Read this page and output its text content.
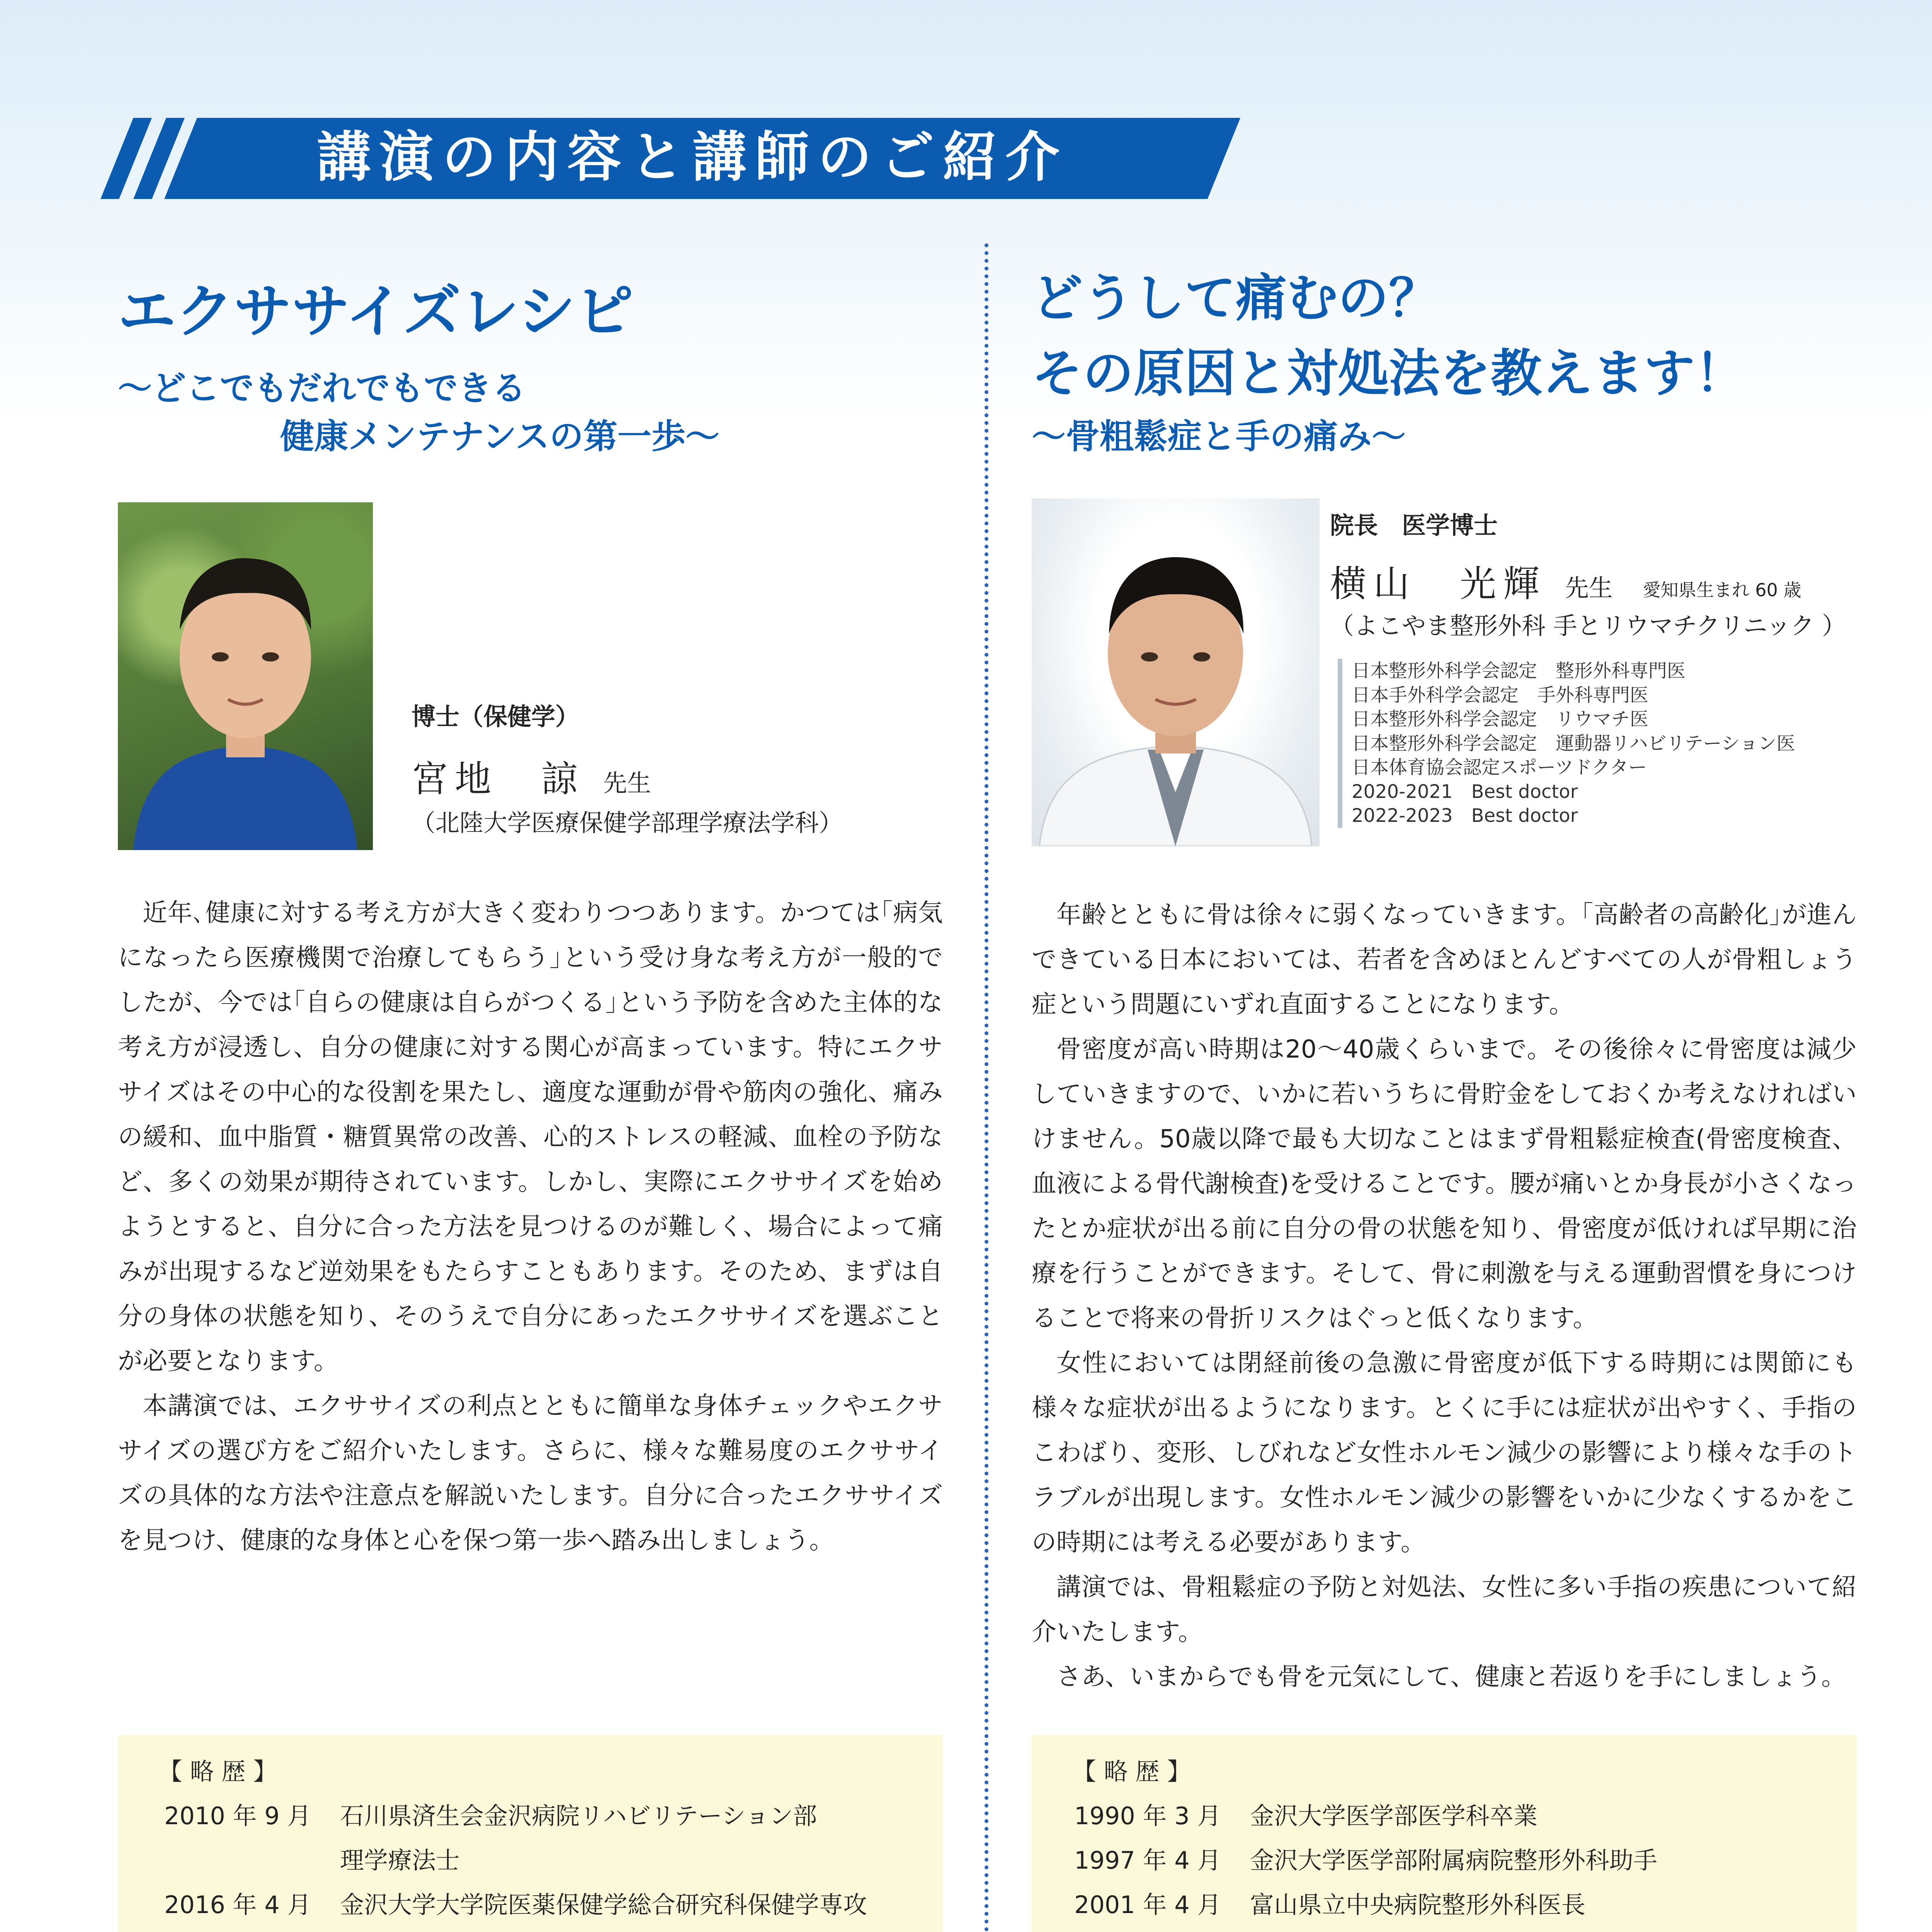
講演の内容と講師のご紹介
エクササイズレシピ
～どこでもだれでもできる
健康メンテナンスの第一歩～
博士（保健学）
宮地　諒 先生
（北陸大学医療保健学部理学療法学科）

近年､健康に対する考え方が大きく変わりつつあります。かつては｢病気になったら医療機関で治療してもらう｣という受け身な考え方が一般的でしたが、今では｢自らの健康は自らがつくる｣という予防を含めた主体的な考え方が浸透し、自分の健康に対する関心が高まっています。特にエクササイズはその中心的な役割を果たし、適度な運動が骨や筋肉の強化、痛みの緩和、血中脂質・糖質異常の改善、心的ストレスの軽減、血栓の予防など、多くの効果が期待されています。しかし、実際にエクササイズを始めようとすると、自分に合った方法を見つけるのが難しく、場合によって痛みが出現するなど逆効果をもたらすこともあります。そのため、まずは自分の身体の状態を知り、そのうえで自分にあったエクササイズを選ぶことが必要となります。

本講演では、エクササイズの利点とともに簡単な身体チェックやエクササイズの選び方をご紹介いたします。さらに、様々な難易度のエクササイズの具体的な方法や注意点を解説いたします。自分に合ったエクササイズを見つけ、健康的な身体と心を保つ第一歩へ踏み出しましょう。

【 略 歴 】
2010 年 9 月 石川県済生会金沢病院リハビリテーション部
理学療法士
2016 年 4 月 金沢大学大学院医薬保健学総合研究科保健学専攻
どうして痛むの？
その原因と対処法を教えます！
～骨粗鬆症と手の痛み～
院長　医学博士
横山　光輝 先生 愛知県生まれ 60 歳
（よこやま整形外科 手とリウマチクリニック ）
日本整形外科学会認定　整形外科専門医
日本手外科学会認定　手外科専門医
日本整形外科学会認定　リウマチ医
日本整形外科学会認定　運動器リハビリテーション医
日本体育協会認定スポーツドクター
2020-2021　Best doctor
2022-2023　Best doctor

年齢とともに骨は徐々に弱くなっていきます。｢高齢者の高齢化｣が進んできている日本においては、若者を含めほとんどすべての人が骨粗しょう症という問題にいずれ直面することになります。

骨密度が高い時期は20～40歳くらいまで。その後徐々に骨密度は減少していきますので、いかに若いうちに骨貯金をしておくか考えなければいけません。50歳以降で最も大切なことはまず骨粗鬆症検査(骨密度検査、血液による骨代謝検査)を受けることです。腰が痛いとか身長が小さくなったとか症状が出る前に自分の骨の状態を知り、骨密度が低ければ早期に治療を行うことができます。そして、骨に刺激を与える運動習慣を身につけることで将来の骨折リスクはぐっと低くなります。

女性においては閉経前後の急激に骨密度が低下する時期には関節にも様々な症状が出るようになります。とくに手には症状が出やすく、手指のこわばり、変形、しびれなど女性ホルモン減少の影響により様々な手のトラブルが出現します。女性ホルモン減少の影響をいかに少なくするかをこの時期には考える必要があります。

講演では、骨粗鬆症の予防と対処法、女性に多い手指の疾患について紹介いたします。

さあ、いまからでも骨を元気にして、健康と若返りを手にしましょう。

【 略 歴 】
1990 年 3 月 金沢大学医学部医学科卒業
1997 年 4 月 金沢大学医学部附属病院整形外科助手
2001 年 4 月 富山県立中央病院整形外科医長
